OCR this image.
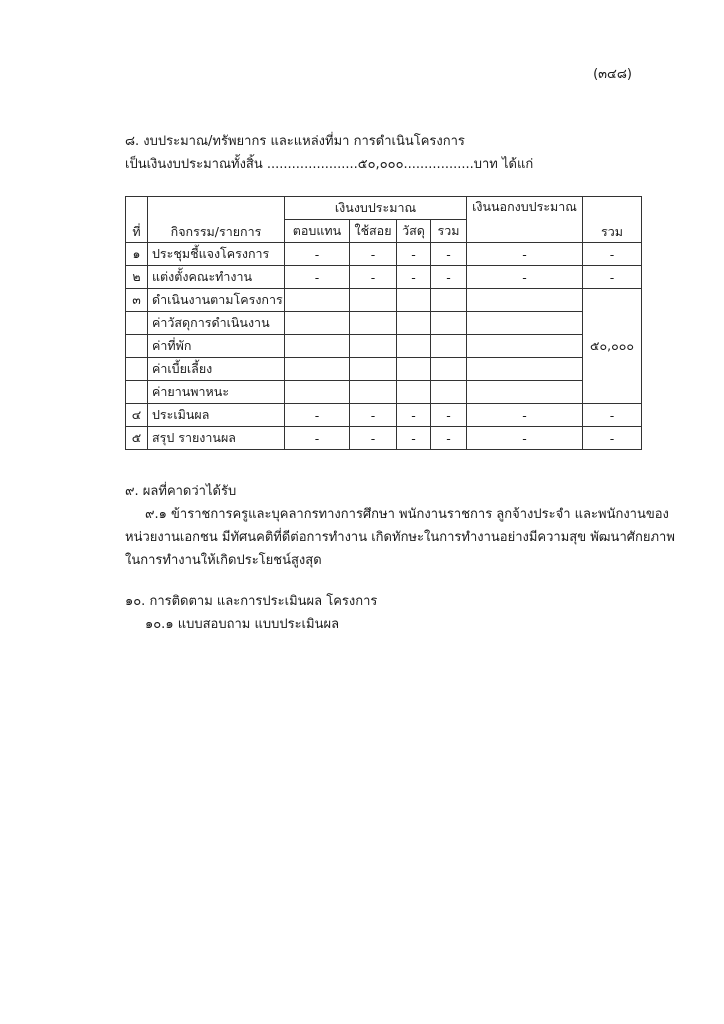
(๓๔๘)
๘. งบประมาณ/ทรัพยากร และแหล่งที่มา การดำเนินโครงการ
เป็นเงินงบประมาณทั้งสิ้น ......................๕๐,๐๐๐.................บาท ได้แก่
ที่	กิจกรรม/รายการ	เงินงบประมาณ				เงินนอกงบประมาณ	รวม
		ตอบแทน	ใช้สอย	วัสดุ	รวม		
๑	ประชุมชี้แจงโครงการ	-	-	-	-	-	-
๒	แต่งตั้งคณะทำงาน	-	-	-	-	-	-
๓	ดำเนินงานตามโครงการ						๕๐,๐๐๐
	ค่าวัสดุการดำเนินงาน						
	ค่าที่พัก						
	ค่าเบี้ยเลี้ยง						
	ค่ายานพาหนะ						
๔	ประเมินผล	-	-	-	-	-	-
๕	สรุป รายงานผล	-	-	-	-	-	-
๙. ผลที่คาดว่าได้รับ
๙.๑ ข้าราชการครูและบุคลากรทางการศึกษา พนักงานราชการ ลูกจ้างประจำ และพนักงานของ
หน่วยงานเอกชน มีทัศนคติที่ดีต่อการทำงาน เกิดทักษะในการทำงานอย่างมีความสุข พัฒนาศักยภาพ
ในการทำงานให้เกิดประโยชน์สูงสุด
๑๐. การติดตาม และการประเมินผล โครงการ
๑๐.๑ แบบสอบถาม แบบประเมินผล
